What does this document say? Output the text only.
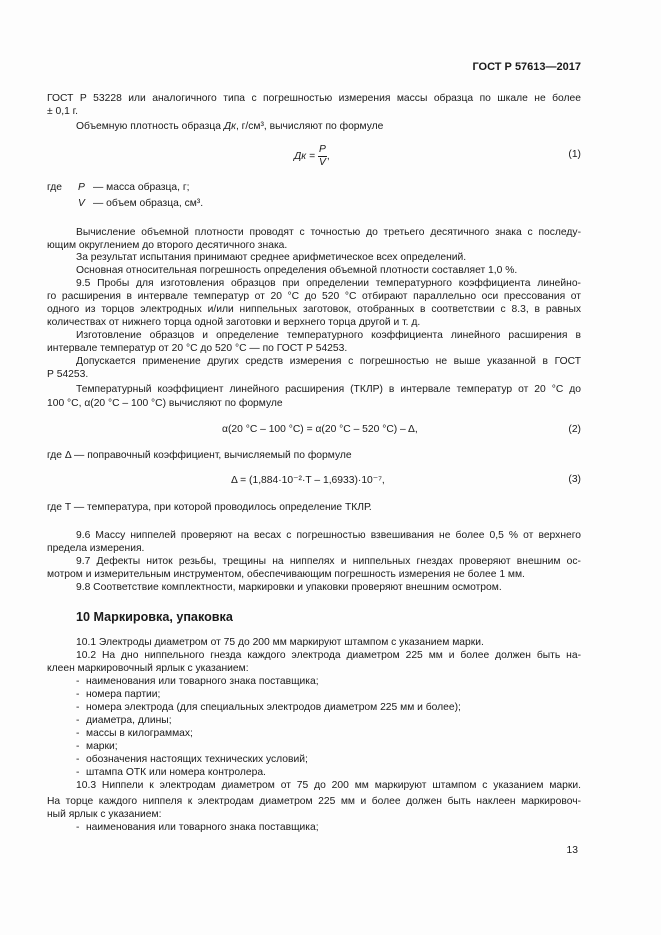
ГОСТ Р 57613—2017
ГОСТ Р 53228 или аналогичного типа с погрешностью измерения массы образца по шкале не более
± 0,1 г.
Объемную плотность образца Дк, г/см³, вычисляют по формуле
Дк = $\frac{P}{V}$ ,	(1)
где P — масса образца, г;
V — объем образца, см³.
Вычисление объемной плотности проводят с точностью до третьего десятичного знака с последу-
ющим округлением до второго десятичного знака.
За результат испытания принимают среднее арифметическое всех определений.
Основная относительная погрешность определения объемной плотности составляет 1,0 %.
9.5 Пробы для изготовления образцов при определении температурного коэффициента линейно-
го расширения в интервале температур от 20 °С до 520 °С отбирают параллельно оси прессования от
одного из торцов электродных и/или ниппельных заготовок, отобранных в соответствии с 8.3, в равных
количествах от нижнего торца одной заготовки и верхнего торца другой и т. д.
Изготовление образцов и определение температурного коэффициента линейного расширения в
интервале температур от 20 °С до 520 °С — по ГОСТ Р 54253.
Допускается применение других средств измерения с погрешностью не выше указанной в ГОСТ
Р 54253.
Температурный коэффициент линейного расширения (ТКЛР) в интервале температур от 20 °С до
100 °С, α(20 °С – 100 °С) вычисляют по формуле
α(20 °С – 100 °С) = α(20 °С – 520 °С) – Δ,	(2)
где Δ — поправочный коэффициент, вычисляемый по формуле
Δ = (1,884·10⁻²·T – 1,6933)·10⁻⁷,	(3)
где T — температура, при которой проводилось определение ТКЛР.
9.6 Массу ниппелей проверяют на весах с погрешностью взвешивания не более 0,5 % от верхнего
предела измерения.
9.7 Дефекты ниток резьбы, трещины на ниппелях и ниппельных гнездах проверяют внешним ос-
мотром и измерительным инструментом, обеспечивающим погрешность измерения не более 1 мм.
9.8 Соответствие комплектности, маркировки и упаковки проверяют внешним осмотром.
10 Маркировка, упаковка
10.1 Электроды диаметром от 75 до 200 мм маркируют штампом с указанием марки.
10.2 На дно ниппельного гнезда каждого электрода диаметром 225 мм и более должен быть на-
клеен маркировочный ярлык с указанием:
- наименования или товарного знака поставщика;
- номера партии;
- номера электрода (для специальных электродов диаметром 225 мм и более);
- диаметра, длины;
- массы в килограммах;
- марки;
- обозначения настоящих технических условий;
- штампа ОТК или номера контролера.
10.3 Ниппели к электродам диаметром от 75 до 200 мм маркируют штампом с указанием марки.
На торце каждого ниппеля к электродам диаметром 225 мм и более должен быть наклеен маркировоч-
ный ярлык с указанием:
- наименования или товарного знака поставщика;
13
